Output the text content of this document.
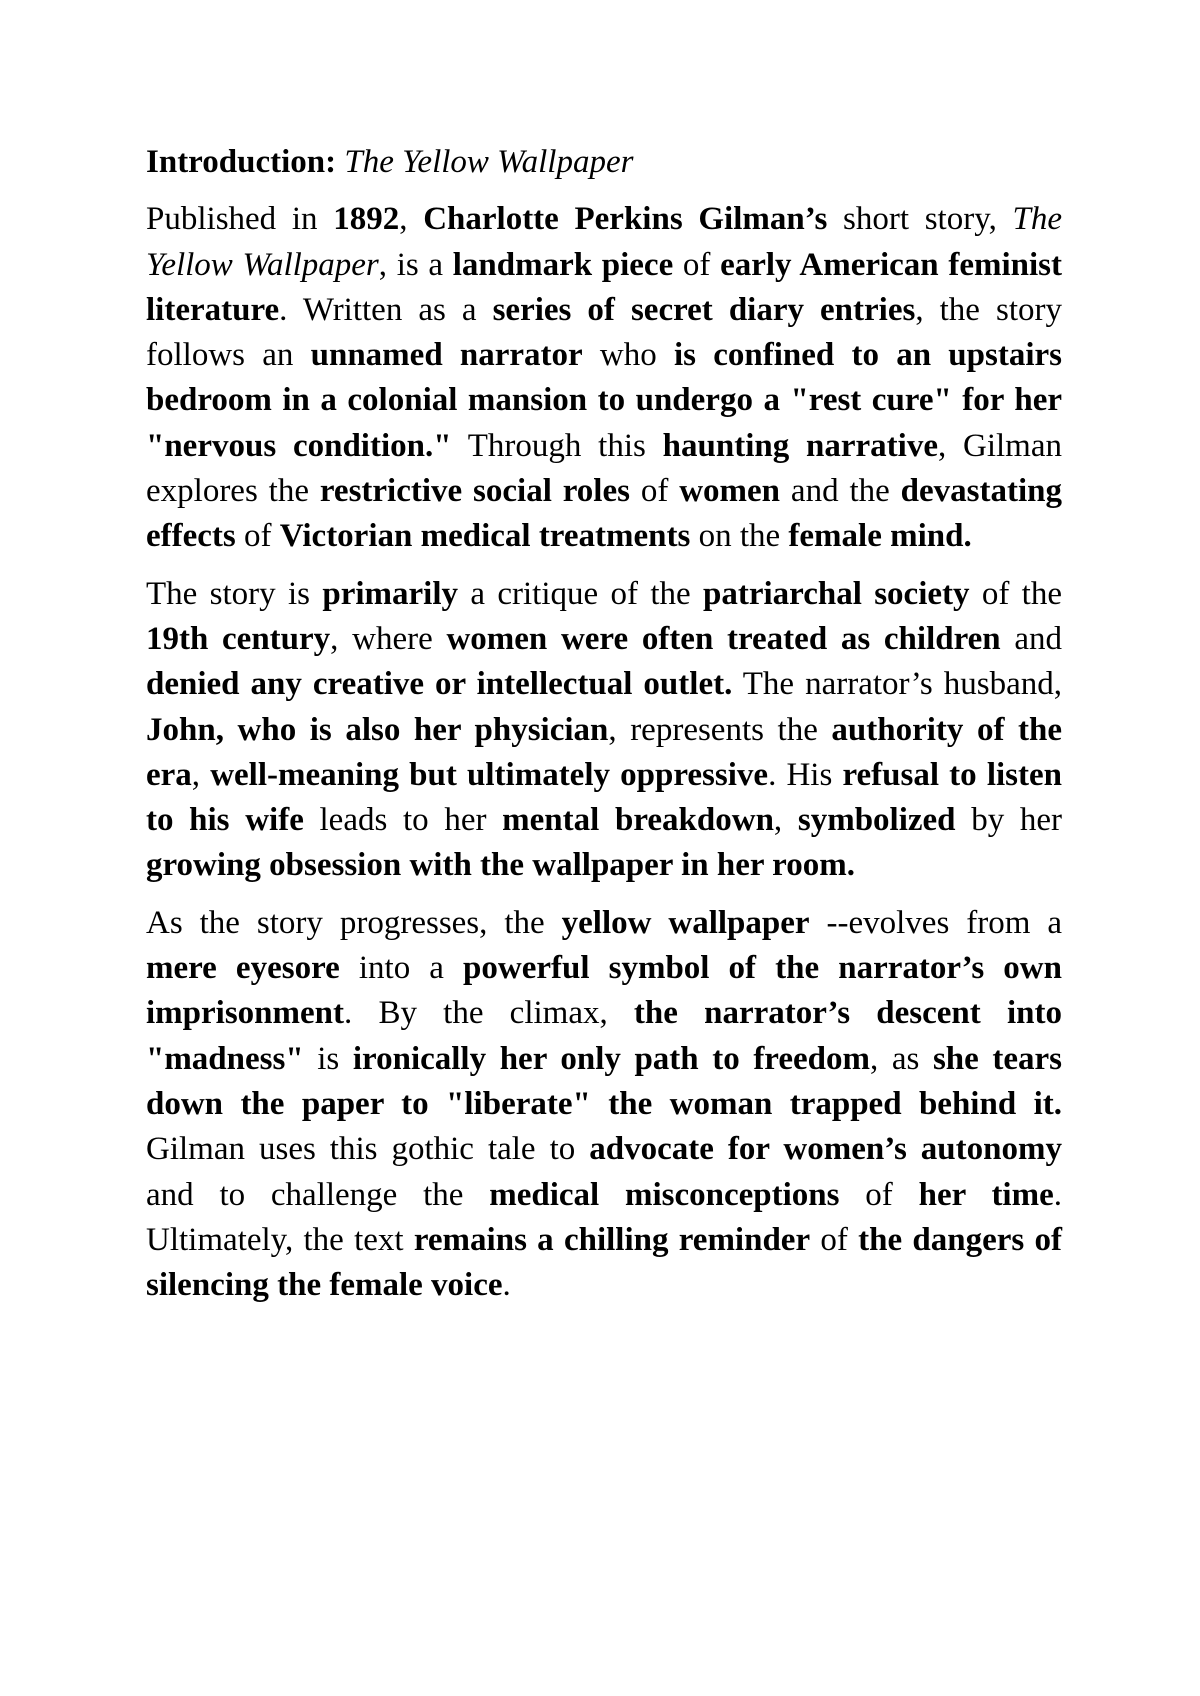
Introduction: The Yellow Wallpaper

Published in 1892, Charlotte Perkins Gilman’s short story, The Yellow Wallpaper, is a landmark piece of early American feminist literature. Written as a series of secret diary entries, the story follows an unnamed narrator who is confined to an upstairs bedroom in a colonial mansion to undergo a "rest cure" for her "nervous condition." Through this haunting narrative, Gilman explores the restrictive social roles of women and the devastating effects of Victorian medical treatments on the female mind.

The story is primarily a critique of the patriarchal society of the 19th century, where women were often treated as children and denied any creative or intellectual outlet. The narrator’s husband, John, who is also her physician, represents the authority of the era, well-meaning but ultimately oppressive. His refusal to listen to his wife leads to her mental breakdown, symbolized by her growing obsession with the wallpaper in her room.

As the story progresses, the yellow wallpaper --evolves from a mere eyesore into a powerful symbol of the narrator’s own imprisonment. By the climax, the narrator’s descent into "madness" is ironically her only path to freedom, as she tears down the paper to "liberate" the woman trapped behind it. Gilman uses this gothic tale to advocate for women’s autonomy and to challenge the medical misconceptions of her time. Ultimately, the text remains a chilling reminder of the dangers of silencing the female voice.
